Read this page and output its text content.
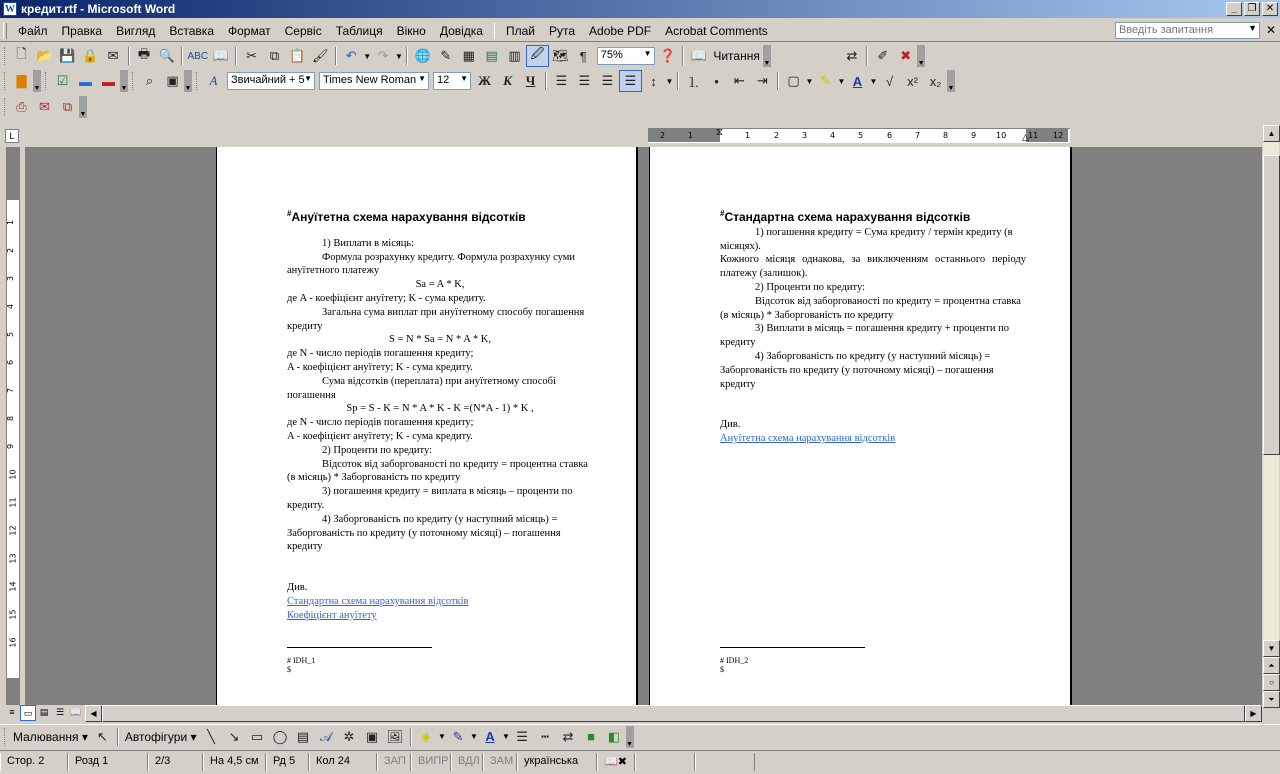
W кредит.rtf - Microsoft Word	_	❐ ✕
Файл	Правка	Вигляд	Вставка	Формат	Сервіс	Таблиця	Вікно	Довідка	Плай	Рута	Adobe PDF	Acrobat Comments	Введіть запитання	▼ ✕
🗋 📂 💾 🔒 ✉	🖶 🔍	ABC 📖	✂ ⧉ 📋 🖌	↶ ▼ ↷ ▼ 🌐 ✎ ▦ ▤ ▥ 🖉 🗺 ¶	75%	▼ ❓ 📖 Читання
▼
⇄	✐ ✖
▼
▇
▼
☑ ▬ ▬ ▼
⌕	▣
▼
A	Звичайний + 5 ▼	Times New Roman ▼	12 ▼ Ж К	Ч	☰ ☰ ☰ ☰	↕	▼	⒈	•	⇤ ⇥	▢ ▼ ✎ ▼ A ▼ √	x² x₂ ▼
⎙ ✉ ⧉
▼
L	2	1	1	2	3	4	5	6	7	8	9 10	11 12
⧖	△
1
2
3
4
5
6
7
8
9
10
11
12
13
14
15
16
#Ануїтетна схема нарахування відсотків

1) Виплати в місяць:

Формула розрахунку кредиту. Формула розрахунку суми ануїтетного платежу

Sa = A * K,

де A - коефіцієнт ануїтету; K - сума кредиту.

Загальна сума виплат при ануїтетному способу погашення кредиту

S = N * Sa = N * A * K,

де N - число періодів погашення кредиту;

A - коефіцієнт ануїтету; K - сума кредиту.

Сума відсотків (переплата) при ануїтетному способі погашення

Sp = S - K = N * A * K - K =(N*A - 1) * K ,

де N - число періодів погашення кредиту;

A - коефіцієнт ануїтету; K - сума кредиту.

2) Проценти по кредиту:

Відсоток від заборгованості по кредиту = процентна ставка (в місяць) * Заборгованість по кредиту

3) погашення кредиту = виплата в місяць – проценти по кредиту.

4) Заборгованість по кредиту (у наступний місяць) = Заборгованість по кредиту (у поточному місяці) – погашення кредиту

Див.

Стандартна схема нарахування відсотків

Коефіцієнт ануїтету

# IDH_1
$
#Стандартна схема нарахування відсотків

1) погашення кредиту = Сума кредиту / термін кредиту (в місяцях).

Кожного місяця однакова, за виключенням останнього періоду платежу (залишок).

2) Проценти по кредиту:

Відсоток від заборгованості по кредиту = процентна ставка (в місяць) * Заборгованість по кредиту

3) Виплати в місяць = погашення кредиту + проценти по кредиту

4) Заборгованість по кредиту (у наступний місяць) = Заборгованість по кредиту (у поточному місяці) – погашення кредиту

Див.

Ануїтетна схема нарахування відсотків

# IDH_2
$
▲
▼
⏶
○
⏷
≡	▭ ▤ ☰ 📖	◀	▶
Малювання ▾ ↖	Автофігури ▾ ╲	↘ ▭ ◯ ▤ 𝒜 ✲ ▣ 🖼	◈ ▼ ✎ ▼ A ▼ ☰	┅	⇄	■ ◧
▼
Стор. 2	Розд 1	2/3	На 4,5 см	Рд 5	Кол 24	ЗАП	ВИПР ВДЛ ЗАМ українська	📖✖
